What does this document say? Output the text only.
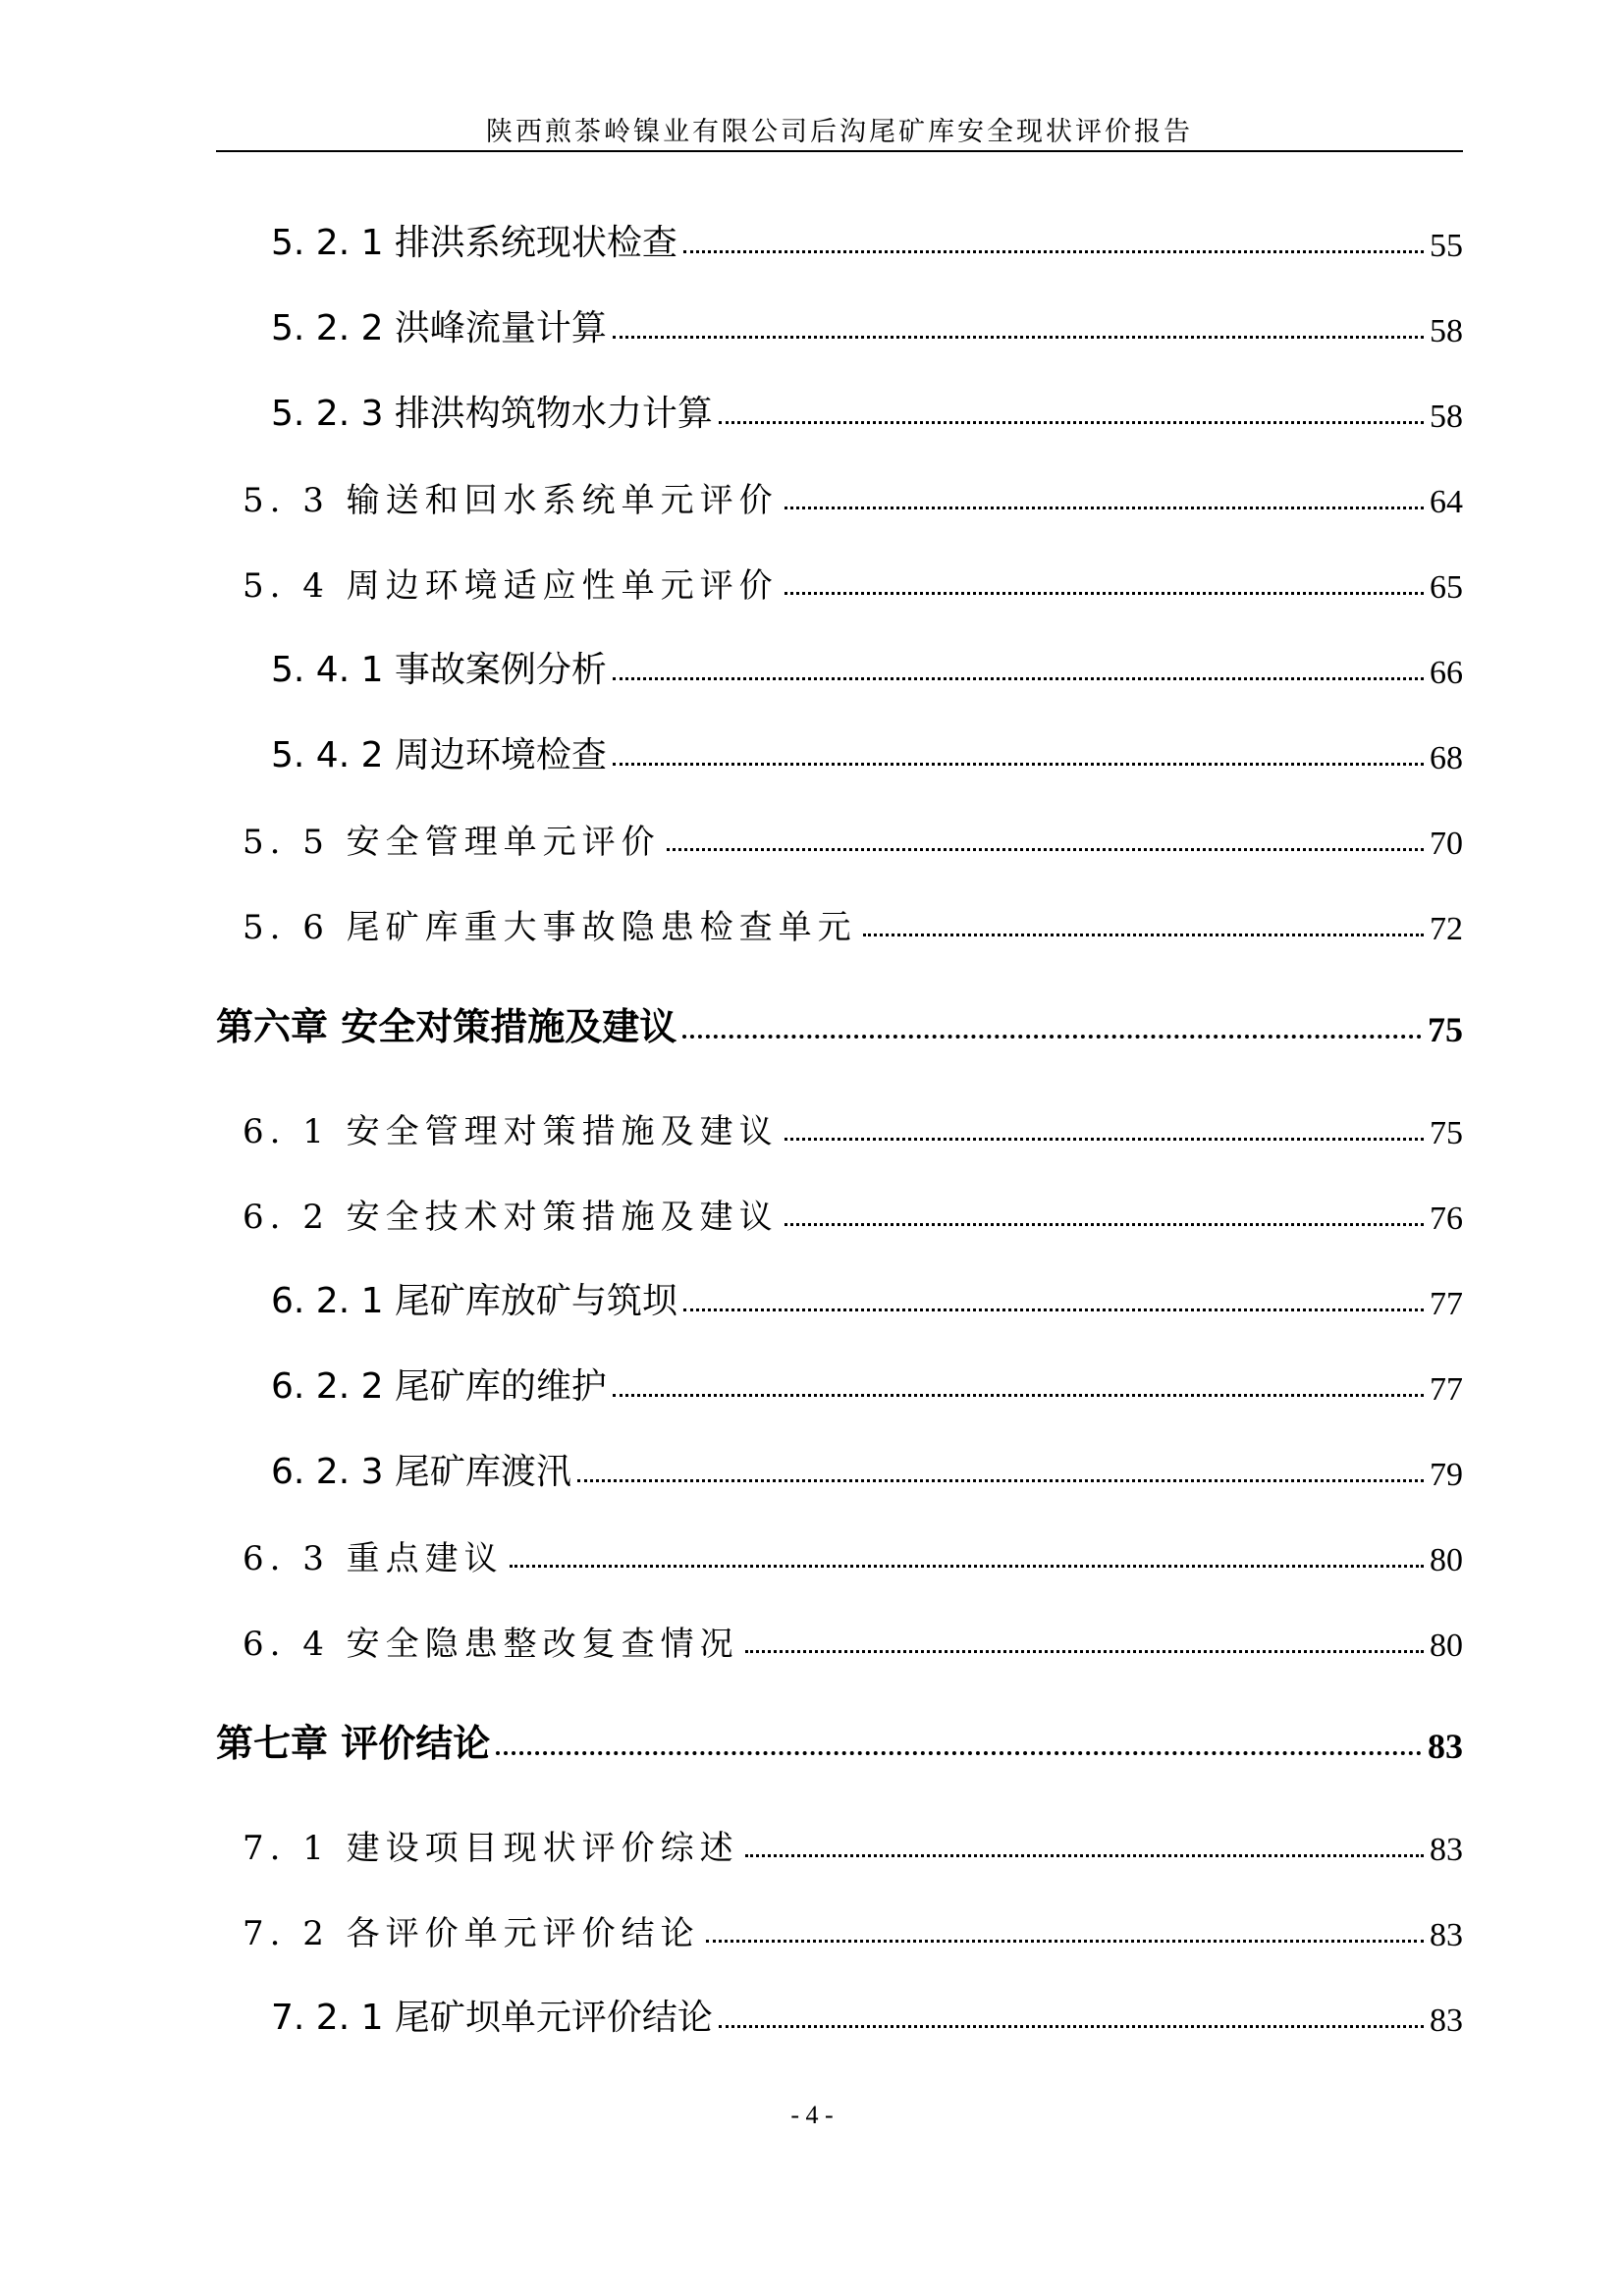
陕西煎茶岭镍业有限公司后沟尾矿库安全现状评价报告
5. 2. 1 排洪系统现状检查	55
5. 2. 2 洪峰流量计算	58
5. 2. 3 排洪构筑物水力计算	58
5. 3 输送和回水系统单元评价	64
5. 4 周边环境适应性单元评价	65
5. 4. 1 事故案例分析	66
5. 4. 2 周边环境检查	68
5. 5 安全管理单元评价	70
5. 6 尾矿库重大事故隐患检查单元	72
第六章 安全对策措施及建议	75
6. 1 安全管理对策措施及建议	75
6. 2 安全技术对策措施及建议	76
6. 2. 1 尾矿库放矿与筑坝	77
6. 2. 2 尾矿库的维护	77
6. 2. 3 尾矿库渡汛	79
6. 3 重点建议	80
6. 4 安全隐患整改复查情况	80
第七章 评价结论	83
7. 1 建设项目现状评价综述	83
7. 2 各评价单元评价结论	83
7. 2. 1 尾矿坝单元评价结论	83
- 4 -
